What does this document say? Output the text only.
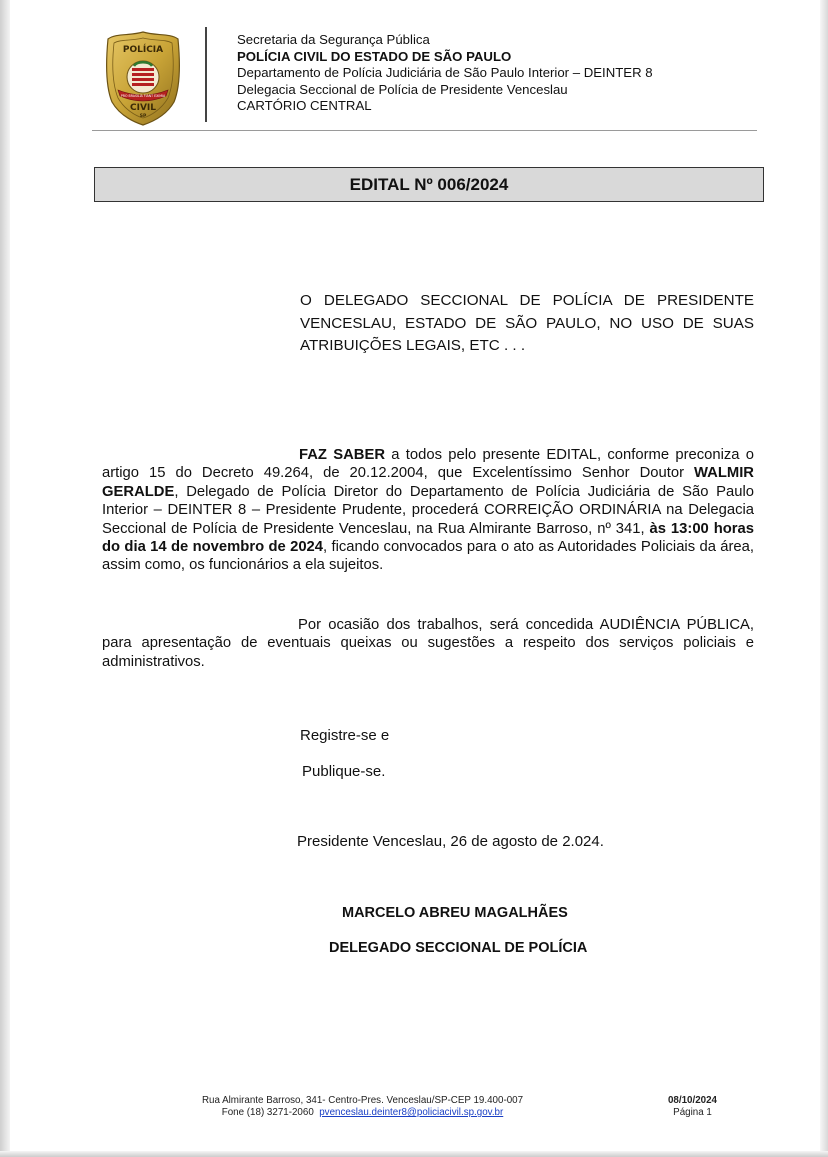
POLÍCIA
PRO BRASILIA FIANT EXIMIA
CIVIL
SP
Secretaria da Segurança Pública
POLÍCIA CIVIL DO ESTADO DE SÃO PAULO
Departamento de Polícia Judiciária de São Paulo Interior – DEINTER 8
Delegacia Seccional de Polícia de Presidente Venceslau
CARTÓRIO CENTRAL
EDITAL Nº 006/2024
O DELEGADO SECCIONAL DE POLÍCIA DE PRESIDENTE VENCESLAU, ESTADO DE SÃO PAULO, NO USO DE SUAS ATRIBUIÇÕES LEGAIS, ETC . . .
FAZ SABER a todos pelo presente EDITAL, conforme preconiza o artigo 15 do Decreto 49.264, de 20.12.2004, que Excelentíssimo Senhor Doutor WALMIR GERALDE, Delegado de Polícia Diretor do Departamento de Polícia Judiciária de São Paulo Interior – DEINTER 8 – Presidente Prudente, procederá CORREIÇÃO ORDINÁRIA na Delegacia Seccional de Polícia de Presidente Venceslau, na Rua Almirante Barroso, nº 341, às 13:00 horas do dia 14 de novembro de 2024, ficando convocados para o ato as Autoridades Policiais da área, assim como, os funcionários a ela sujeitos.
Por ocasião dos trabalhos, será concedida AUDIÊNCIA PÚBLICA, para apresentação de eventuais queixas ou sugestões a respeito dos serviços policiais e administrativos.
Registre-se e
Publique-se.
Presidente Venceslau, 26 de agosto de 2.024.
MARCELO ABREU MAGALHÃES
DELEGADO SECCIONAL DE POLÍCIA
Rua Almirante Barroso, 341- Centro-Pres. Venceslau/SP-CEP 19.400-007
Fone (18) 3271-2060 pvenceslau.deinter8@policiacivil.sp.gov.br
08/10/2024
Página 1
